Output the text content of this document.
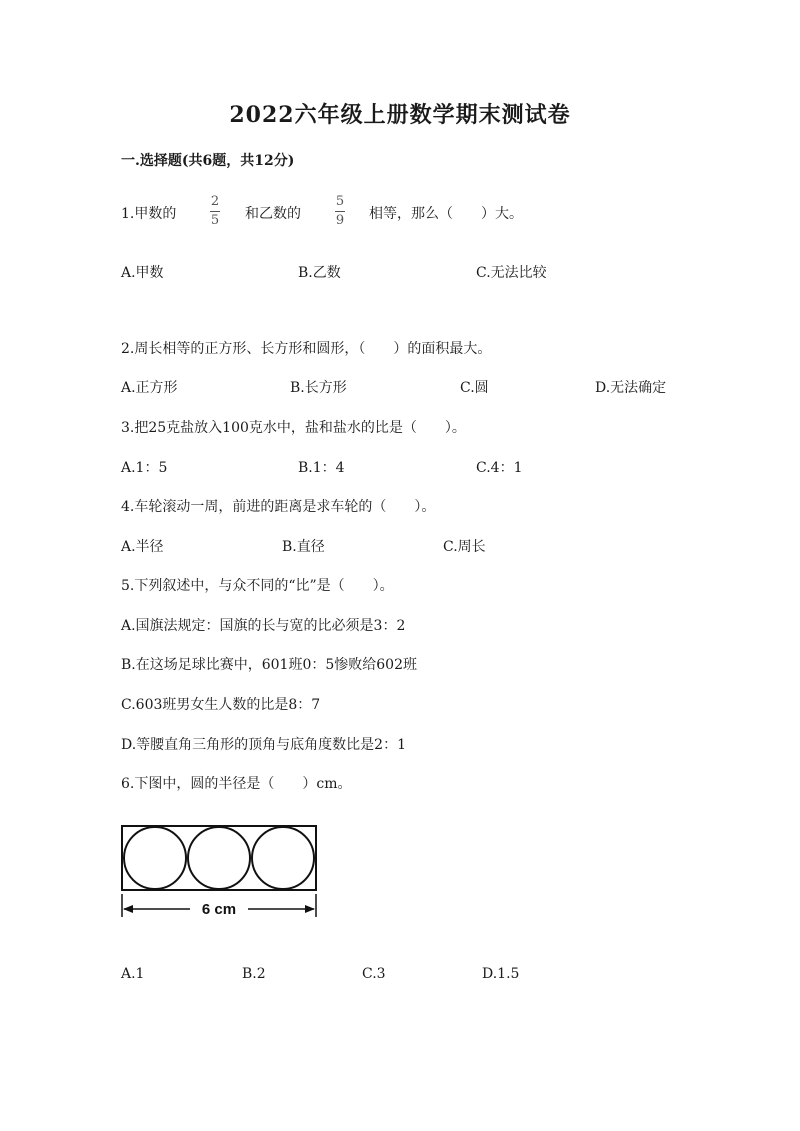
2022六年级上册数学期末测试卷
一.选择题(共6题，共12分)
1.甲数的
2
5 和乙数的
5
9 相等，那么（　　）大。
A.甲数	B.乙数	C.无法比较
2.周长相等的正方形、长方形和圆形，（　　）的面积最大。
A.正方形	B.长方形	C.圆	D.无法确定
3.把25克盐放入100克水中，盐和盐水的比是（　　）。
A.1：5	B.1：4	C.4：1
4.车轮滚动一周，前进的距离是求车轮的（　　）。
A.半径	B.直径	C.周长
5.下列叙述中，与众不同的“比”是（　　）。
A.国旗法规定：国旗的长与宽的比必须是3：2
B.在这场足球比赛中，601班0：5惨败给602班
C.603班男女生人数的比是8：7
D.等腰直角三角形的顶角与底角度数比是2：1
6.下图中，圆的半径是（　　）cm。
6 cm
A.1	B.2	C.3	D.1.5
